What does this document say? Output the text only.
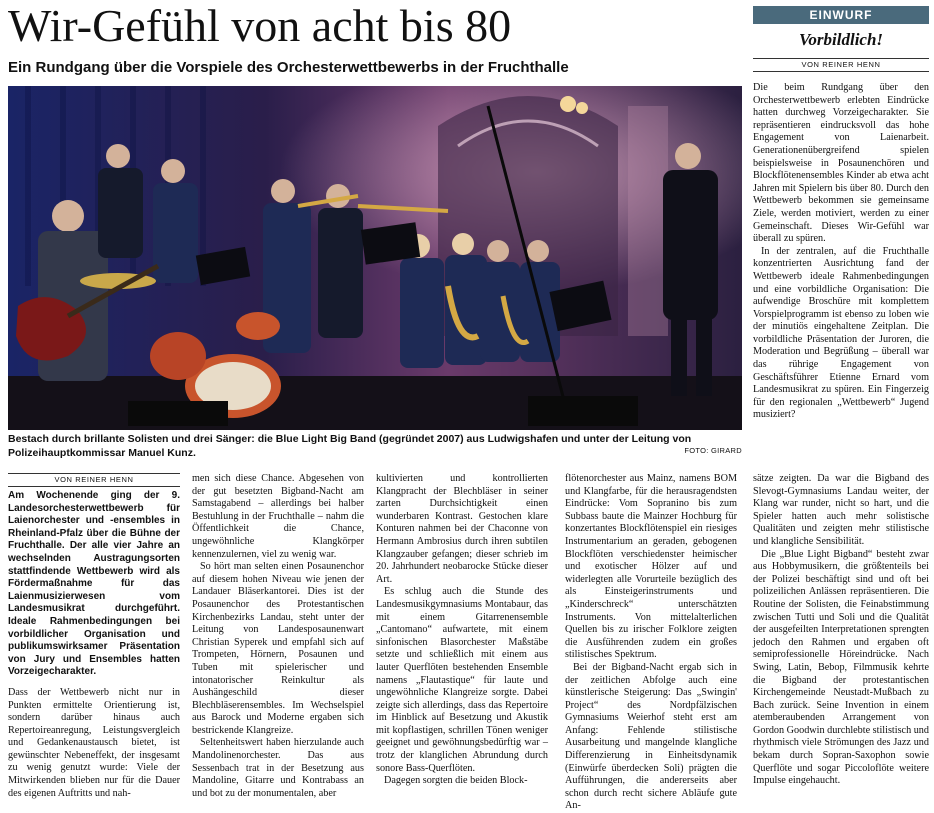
Wir-Gefühl von acht bis 80
Ein Rundgang über die Vorspiele des Orchesterwettbewerbs in der Fruchthalle
Bestach durch brillante Solisten und drei Sänger: die Blue Light Big Band (gegründet 2007) aus Ludwigshafen und unter der Leitung von Polizeihauptkommissar Manuel Kunz.	FOTO: GIRARD
EINWURF
Vorbildlich!
VON REINER HENN

Die beim Rundgang über den Orchesterwettbewerb erlebten Eindrücke hatten durchweg Vorzeigecharakter. Sie repräsentieren eindrucksvoll das hohe Engagement von Laienarbeit. Generationenübergreifend spielen beispielsweise in Posaunenchören und Blockflötenensembles Kinder ab etwa acht Jahren mit Spielern bis über 80. Durch den Wettbewerb bekommen sie gemeinsame Ziele, werden motiviert, werden zu einer Gemeinschaft. Dieses Wir-Gefühl war überall zu spüren.

In der zentralen, auf die Fruchthalle konzentrierten Ausrichtung fand der Wettbewerb ideale Rahmenbedingungen und eine vorbildliche Organisation: Die aufwendige Broschüre mit komplettem Vorspielprogramm ist ebenso zu loben wie der minutiös eingehaltene Zeitplan. Die vorbildliche Präsentation der Juroren, die Moderation und Begrüßung – überall war das rührige Engagement von Geschäftsführer Etienne Ernard vom Landesmusikrat zu spüren. Ein Fingerzeig für den regionalen „Wettbewerb“ Jugend musiziert?

VON REINER HENN

Am Wochenende ging der 9. Landesorchesterwettbewerb für Laienorchester und -ensembles in Rheinland-Pfalz über die Bühne der Fruchthalle. Der alle vier Jahre an wechselnden Austragungsorten stattfindende Wettbewerb wird als Fördermaßnahme für das Laienmusizierwesen vom Landesmusikrat durchgeführt. Ideale Rahmenbedingungen bei vorbildlicher Organisation und publikumswirksamer Präsentation von Jury und Ensembles hatten Vorzeigecharakter.

Dass der Wettbewerb nicht nur in Punkten ermittelte Orientierung ist, sondern darüber hinaus auch Repertoireanregung, Leistungsvergleich und Gedankenaustausch bietet, ist gewünschter Nebeneffekt, der insgesamt zu wenig genutzt wurde: Viele der Mitwirkenden blieben nur für die Dauer des eigenen Auftritts und nah-

men sich diese Chance. Abgesehen von der gut besetzten Bigband-Nacht am Samstagabend – allerdings bei halber Bestuhlung in der Fruchthalle – nahm die Öffentlichkeit die Chance, ungewöhnliche Klangkörper kennenzulernen, viel zu wenig war.

So hört man selten einen Posaunenchor auf diesem hohen Niveau wie jenen der Landauer Bläserkantorei. Dies ist der Posaunenchor des Protestantischen Kirchenbezirks Landau, steht unter der Leitung von Landesposaunenwart Christian Syperek und empfahl sich auf Trompeten, Hörnern, Posaunen und Tuben mit spielerischer und intonatorischer Reinkultur als Aushängeschild dieser Blechbläserensembles. Im Wechselspiel aus Barock und Moderne ergaben sich bestrickende Klangreize.

Seltenheitswert haben hierzulande auch Mandolinenorchester. Das aus Sessenbach trat in der Besetzung aus Mandoline, Gitarre und Kontrabass an und bot zu der monumentalen, aber

kultivierten und kontrollierten Klangpracht der Blechbläser in seiner zarten Durchsichtigkeit einen wunderbaren Kontrast. Gestochen klare Konturen nahmen bei der Chaconne von Hermann Ambrosius durch ihren subtilen Klangzauber gefangen; dieser schrieb im 20. Jahrhundert neobarocke Stücke dieser Art.

Es schlug auch die Stunde des Landesmusikgymnasiums Montabaur, das mit einem Gitarrenensemble „Cantomano“ aufwartete, mit einem sinfonischen Blasorchester Maßstäbe setzte und schließlich mit einem aus lauter Querflöten bestehenden Ensemble namens „Flautastique“ für laute und ungewöhnliche Klangreize sorgte. Dabei zeigte sich allerdings, dass das Repertoire im Hinblick auf Besetzung und Akustik mit kopflastigen, schrillen Tönen weniger geeignet und gewöhnungsbedürftig war – trotz der klanglichen Abrundung durch sonore Bass-Querflöten.

Dagegen sorgten die beiden Block-

flötenorchester aus Mainz, namens BOM und Klangfarbe, für die herausragendsten Eindrücke: Vom Sopranino bis zum Subbass baute die Mainzer Hochburg für konzertantes Blockflötenspiel ein riesiges Instrumentarium an geraden, gebogenen Blockflöten verschiedenster heimischer und exotischer Hölzer auf und widerlegten alle Vorurteile bezüglich des als Einsteigerinstruments und „Kinderschreck“ unterschätzten Instruments. Von mittelalterlichen Quellen bis zu irischer Folklore zeigten die Ausführenden zudem ein großes stilistisches Spektrum.

Bei der Bigband-Nacht ergab sich in der zeitlichen Abfolge auch eine künstlerische Steigerung: Das „Swingin' Project“ des Nordpfälzischen Gymnasiums Weierhof steht erst am Anfang: Fehlende stilistische Ausarbeitung und mangelnde klangliche Differenzierung in Einheitsdynamik (Einwürfe überdecken Soli) prägten die Aufführungen, die andererseits aber schon durch recht sichere Abläufe gute An-

sätze zeigten. Da war die Bigband des Slevogt-Gymnasiums Landau weiter, der Klang war runder, nicht so hart, und die Spieler hatten auch mehr solistische Qualitäten und zeigten mehr stilistische und klangliche Sensibilität.

Die „Blue Light Bigband“ besteht zwar aus Hobbymusikern, die größtenteils bei der Polizei beschäftigt sind und oft bei polizeilichen Anlässen repräsentieren. Die Routine der Solisten, die Feinabstimmung zwischen Tutti und Soli und die Qualität der ausgefeilten Interpretationen sprengten jedoch den Rahmen und ergaben oft semiprofessionelle Höreindrücke. Nach Swing, Latin, Bebop, Filmmusik kehrte die Bigband der protestantischen Kirchengemeinde Neustadt-Mußbach zu Bach zurück. Seine Invention in einem atemberaubenden Arrangement von Gordon Goodwin durchlebte stilistisch und rhythmisch viele Strömungen des Jazz und bekam durch Sopran-Saxophon sowie Querflöte und sogar Piccoloflöte weitere Impulse eingehaucht.
